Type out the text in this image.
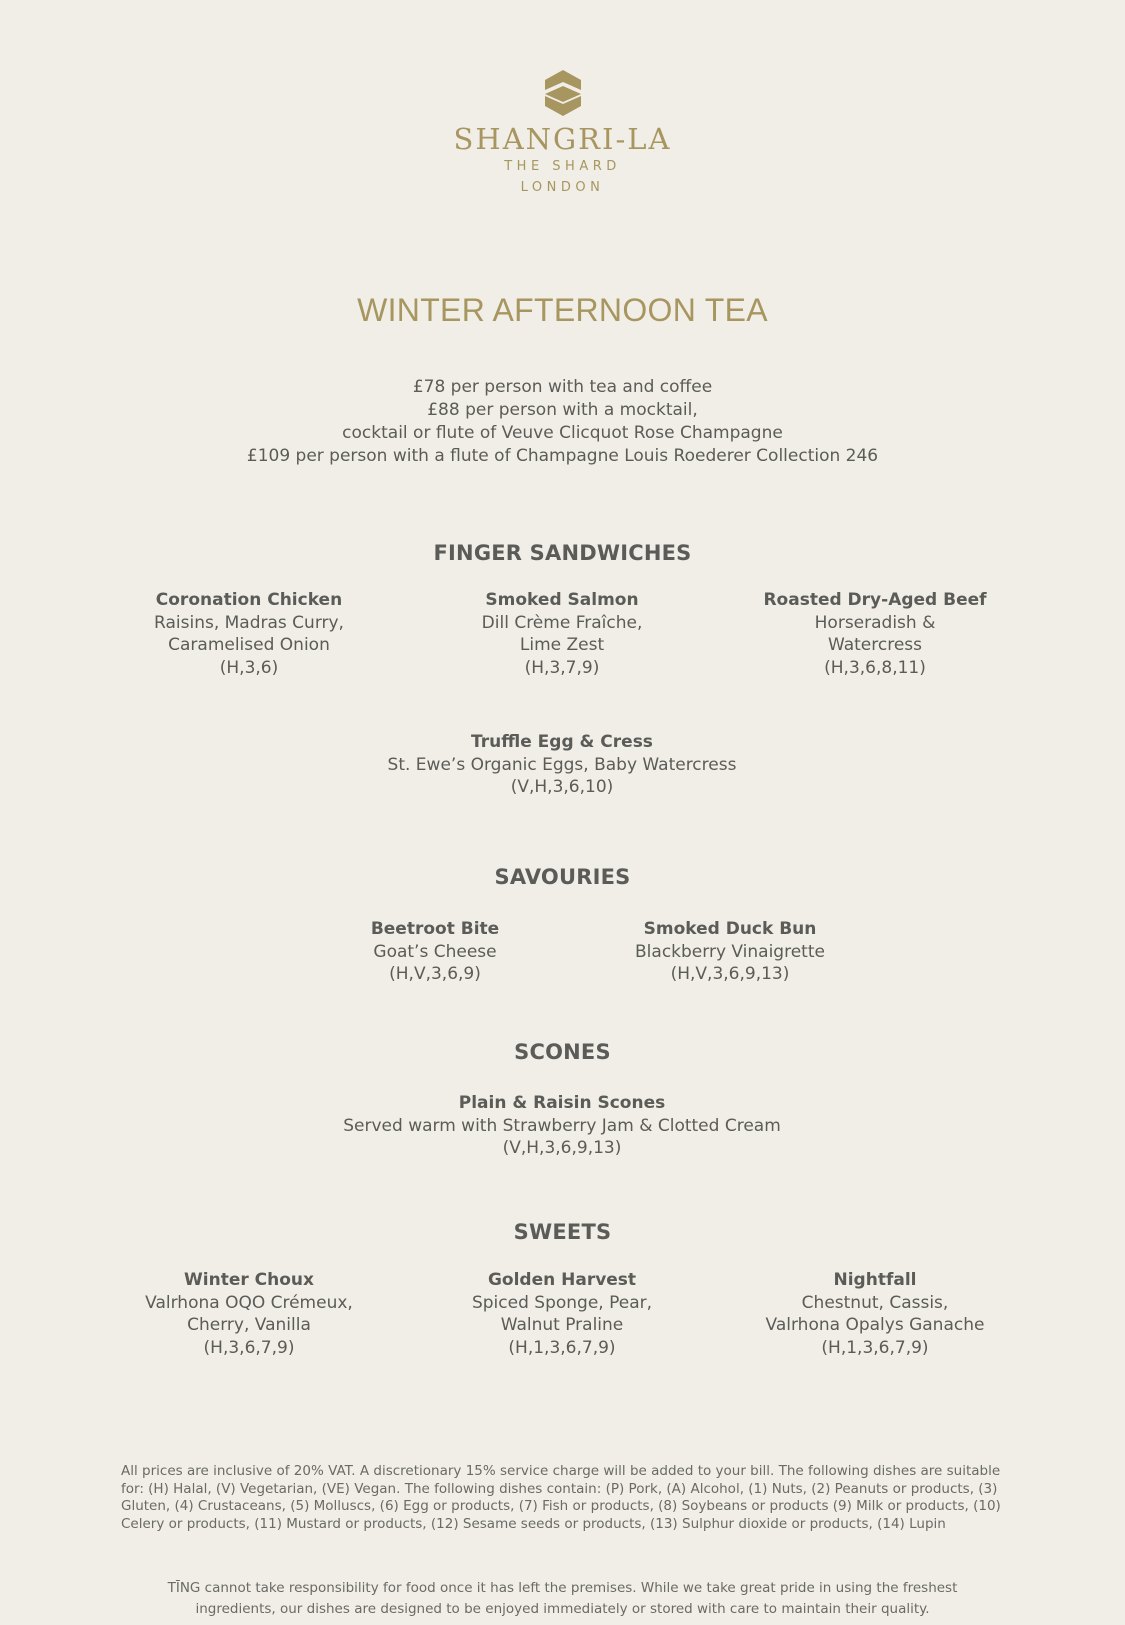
SHANGRI-LA
THE SHARD
LONDON
WINTER AFTERNOON TEA
£78 per person with tea and coffee
£88 per person with a mocktail,
cocktail or flute of Veuve Clicquot Rose Champagne
£109 per person with a flute of Champagne Louis Roederer Collection 246
FINGER SANDWICHES
Coronation Chicken
Raisins, Madras Curry,
Caramelised Onion
(H,3,6)
Smoked Salmon
Dill Crème Fraîche,
Lime Zest
(H,3,7,9)
Roasted Dry-Aged Beef
Horseradish &
Watercress
(H,3,6,8,11)
Truffle Egg & Cress
St. Ewe’s Organic Eggs, Baby Watercress
(V,H,3,6,10)
SAVOURIES
Beetroot Bite
Goat’s Cheese
(H,V,3,6,9)
Smoked Duck Bun
Blackberry Vinaigrette
(H,V,3,6,9,13)
SCONES
Plain & Raisin Scones
Served warm with Strawberry Jam & Clotted Cream
(V,H,3,6,9,13)
SWEETS
Winter Choux
Valrhona OQO Crémeux,
Cherry, Vanilla
(H,3,6,7,9)
Golden Harvest
Spiced Sponge, Pear,
Walnut Praline
(H,1,3,6,7,9)
Nightfall
Chestnut, Cassis,
Valrhona Opalys Ganache
(H,1,3,6,7,9)
All prices are inclusive of 20% VAT. A discretionary 15% service charge will be added to your bill. The following dishes are suitable for: (H) Halal, (V) Vegetarian, (VE) Vegan. The following dishes contain: (P) Pork, (A) Alcohol, (1) Nuts, (2) Peanuts or products, (3) Gluten, (4) Crustaceans, (5) Molluscs, (6) Egg or products, (7) Fish or products, (8) Soybeans or products (9) Milk or products, (10) Celery or products, (11) Mustard or products, (12) Sesame seeds or products, (13) Sulphur dioxide or products, (14) Lupin
TĪNG cannot take responsibility for food once it has left the premises. While we take great pride in using the freshest
ingredients, our dishes are designed to be enjoyed immediately or stored with care to maintain their quality.
